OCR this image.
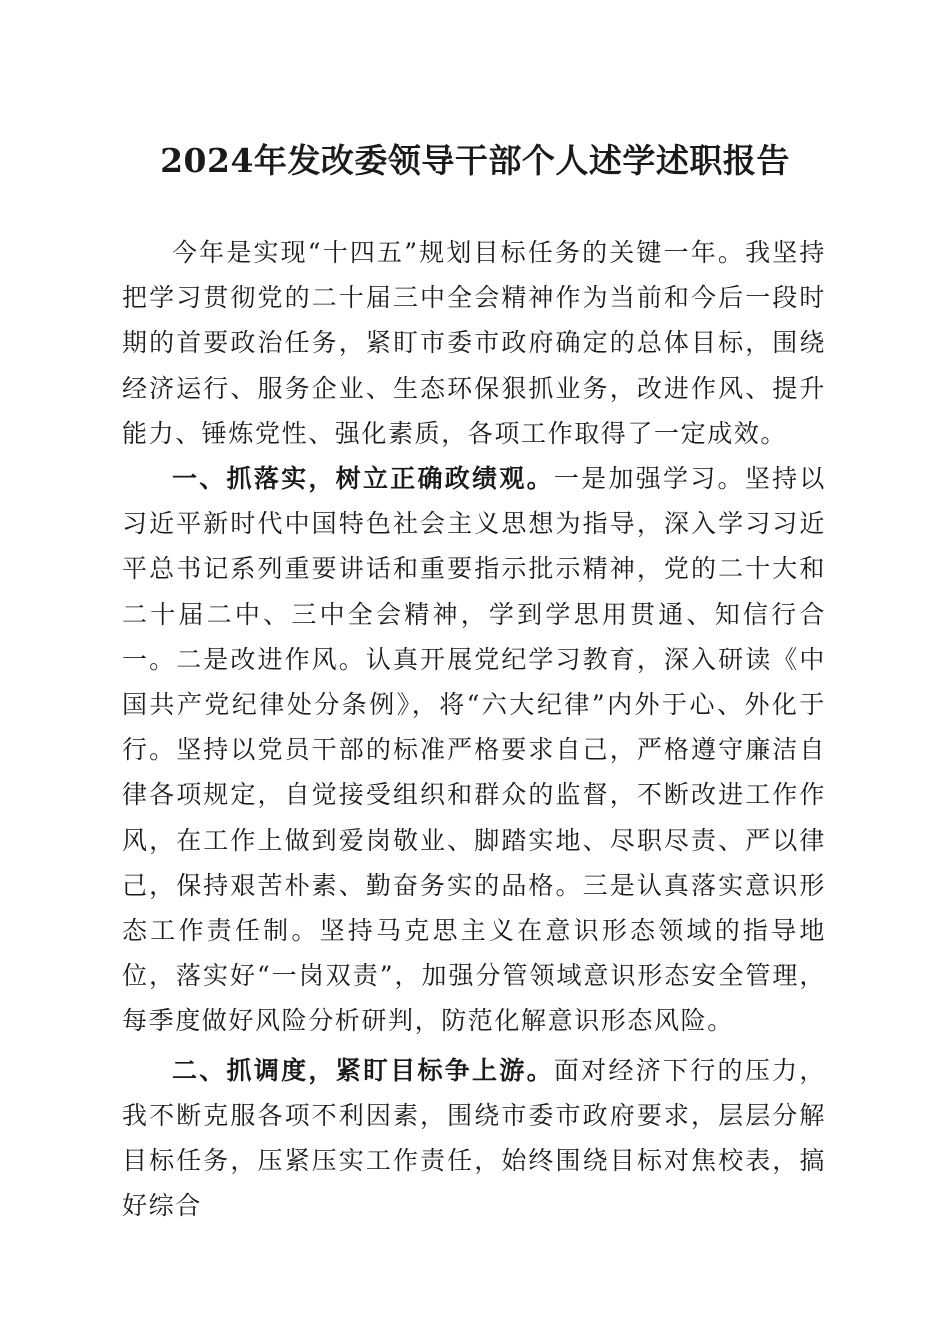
2024年发改委领导干部个人述学述职报告

今年是实现“十四五”规划目标任务的关键一年。我坚持把学习贯彻党的二十届三中全会精神作为当前和今后一段时期的首要政治任务，紧盯市委市政府确定的总体目标，围绕经济运行、服务企业、生态环保狠抓业务，改进作风、提升能力、锤炼党性、强化素质，各项工作取得了一定成效。

一、抓落实，树立正确政绩观。一是加强学习。坚持以习近平新时代中国特色社会主义思想为指导，深入学习习近平总书记系列重要讲话和重要指示批示精神，党的二十大和二十届二中、三中全会精神，学到学思用贯通、知信行合一。二是改进作风。认真开展党纪学习教育，深入研读《中国共产党纪律处分条例》，将“六大纪律”内外于心、外化于行。坚持以党员干部的标准严格要求自己，严格遵守廉洁自律各项规定，自觉接受组织和群众的监督，不断改进工作作风，在工作上做到爱岗敬业、脚踏实地、尽职尽责、严以律己，保持艰苦朴素、勤奋务实的品格。三是认真落实意识形态工作责任制。坚持马克思主义在意识形态领域的指导地位，落实好“一岗双责”，加强分管领域意识形态安全管理，每季度做好风险分析研判，防范化解意识形态风险。

二、抓调度，紧盯目标争上游。面对经济下行的压力，我不断克服各项不利因素，围绕市委市政府要求，层层分解目标任务，压紧压实工作责任，始终围绕目标对焦校表，搞好综合
